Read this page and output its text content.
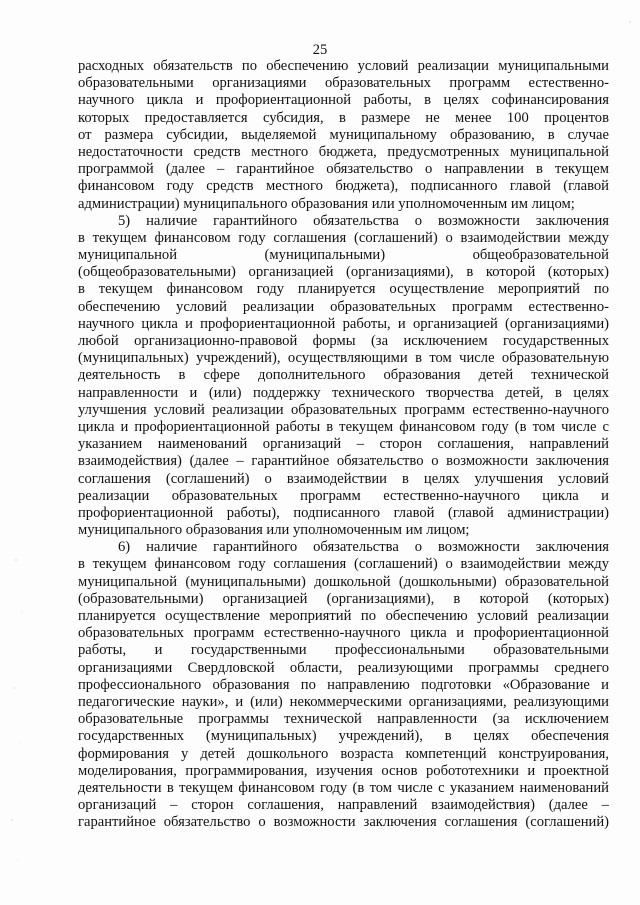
25
расходных обязательств по обеспечению условий реализации муниципальными
образовательными организациями образовательных программ естественно-
научного цикла и профориентационной работы, в целях софинансирования
которых предоставляется субсидия, в размере не менее 100 процентов
от размера субсидии, выделяемой муниципальному образованию, в случае
недостаточности средств местного бюджета, предусмотренных муниципальной
программой (далее – гарантийное обязательство о направлении в текущем
финансовом году средств местного бюджета), подписанного главой (главой
администрации) муниципального образования или уполномоченным им лицом;
5) наличие гарантийного обязательства о возможности заключения
в текущем финансовом году соглашения (соглашений) о взаимодействии между
муниципальной (муниципальными) общеобразовательной
(общеобразовательными) организацией (организациями), в которой (которых)
в текущем финансовом году планируется осуществление мероприятий по
обеспечению условий реализации образовательных программ естественно-
научного цикла и профориентационной работы, и организацией (организациями)
любой организационно-правовой формы (за исключением государственных
(муниципальных) учреждений), осуществляющими в том числе образовательную
деятельность в сфере дополнительного образования детей технической
направленности и (или) поддержку технического творчества детей, в целях
улучшения условий реализации образовательных программ естественно-научного
цикла и профориентационной работы в текущем финансовом году (в том числе с
указанием наименований организаций – сторон соглашения, направлений
взаимодействия) (далее – гарантийное обязательство о возможности заключения
соглашения (соглашений) о взаимодействии в целях улучшения условий
реализации образовательных программ естественно-научного цикла и
профориентационной работы), подписанного главой (главой администрации)
муниципального образования или уполномоченным им лицом;
6) наличие гарантийного обязательства о возможности заключения
в текущем финансовом году соглашения (соглашений) о взаимодействии между
муниципальной (муниципальными) дошкольной (дошкольными) образовательной
(образовательными) организацией (организациями), в которой (которых)
планируется осуществление мероприятий по обеспечению условий реализации
образовательных программ естественно-научного цикла и профориентационной
работы, и государственными профессиональными образовательными
организациями Свердловской области, реализующими программы среднего
профессионального образования по направлению подготовки «Образование и
педагогические науки», и (или) некоммерческими организациями, реализующими
образовательные программы технической направленности (за исключением
государственных (муниципальных) учреждений), в целях обеспечения
формирования у детей дошкольного возраста компетенций конструирования,
моделирования, программирования, изучения основ робототехники и проектной
деятельности в текущем финансовом году (в том числе с указанием наименований
организаций – сторон соглашения, направлений взаимодействия) (далее –
гарантийное обязательство о возможности заключения соглашения (соглашений)
